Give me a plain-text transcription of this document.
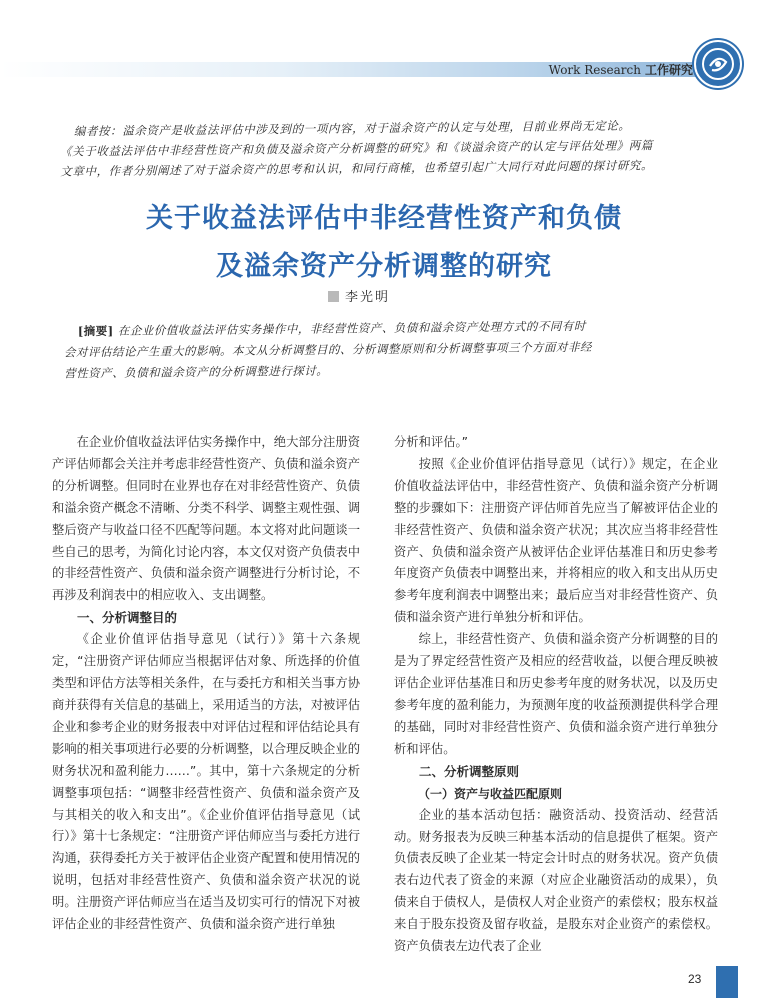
Work Research 工作研究
编者按：溢余资产是收益法评估中涉及到的一项内容，对于溢余资产的认定与处理，目前业界尚无定论。
《关于收益法评估中非经营性资产和负债及溢余资产分析调整的研究》和《谈溢余资产的认定与评估处理》两篇
文章中，作者分别阐述了对于溢余资产的思考和认识，和同行商榷，也希望引起广大同行对此问题的探讨研究。
关于收益法评估中非经营性资产和负债
及溢余资产分析调整的研究
李光明
[摘要] 在企业价值收益法评估实务操作中，非经营性资产、负债和溢余资产处理方式的不同有时
会对评估结论产生重大的影响。本文从分析调整目的、分析调整原则和分析调整事项三个方面对非经
营性资产、负债和溢余资产的分析调整进行探讨。

在企业价值收益法评估实务操作中，绝大部分注册资产评估师都会关注并考虑非经营性资产、负债和溢余资产的分析调整。但同时在业界也存在对非经营性资产、负债和溢余资产概念不清晰、分类不科学、调整主观性强、调整后资产与收益口径不匹配等问题。本文将对此问题谈一些自己的思考，为简化讨论内容，本文仅对资产负债表中的非经营性资产、负债和溢余资产调整进行分析讨论，不再涉及利润表中的相应收入、支出调整。

一、分析调整目的

《企业价值评估指导意见（试行）》第十六条规定，“注册资产评估师应当根据评估对象、所选择的价值类型和评估方法等相关条件，在与委托方和相关当事方协商并获得有关信息的基础上，采用适当的方法，对被评估企业和参考企业的财务报表中对评估过程和评估结论具有影响的相关事项进行必要的分析调整，以合理反映企业的财务状况和盈利能力……”。其中，第十六条规定的分析调整事项包括：“调整非经营性资产、负债和溢余资产及与其相关的收入和支出”。《企业价值评估指导意见（试行）》第十七条规定：“注册资产评估师应当与委托方进行沟通，获得委托方关于被评估企业资产配置和使用情况的说明，包括对非经营性资产、负债和溢余资产状况的说明。注册资产评估师应当在适当及切实可行的情况下对被评估企业的非经营性资产、负债和溢余资产进行单独

分析和评估。”

按照《企业价值评估指导意见（试行）》规定，在企业价值收益法评估中，非经营性资产、负债和溢余资产分析调整的步骤如下：注册资产评估师首先应当了解被评估企业的非经营性资产、负债和溢余资产状况；其次应当将非经营性资产、负债和溢余资产从被评估企业评估基准日和历史参考年度资产负债表中调整出来，并将相应的收入和支出从历史参考年度利润表中调整出来；最后应当对非经营性资产、负债和溢余资产进行单独分析和评估。

综上，非经营性资产、负债和溢余资产分析调整的目的是为了界定经营性资产及相应的经营收益，以便合理反映被评估企业评估基准日和历史参考年度的财务状况，以及历史参考年度的盈利能力，为预测年度的收益预测提供科学合理的基础，同时对非经营性资产、负债和溢余资产进行单独分析和评估。

二、分析调整原则
（一）资产与收益匹配原则

企业的基本活动包括：融资活动、投资活动、经营活动。财务报表为反映三种基本活动的信息提供了框架。资产负债表反映了企业某一特定会计时点的财务状况。资产负债表右边代表了资金的来源（对应企业融资活动的成果），负债来自于债权人，是债权人对企业资产的索偿权；股东权益来自于股东投资及留存收益，是股东对企业资产的索偿权。资产负债表左边代表了企业

23
